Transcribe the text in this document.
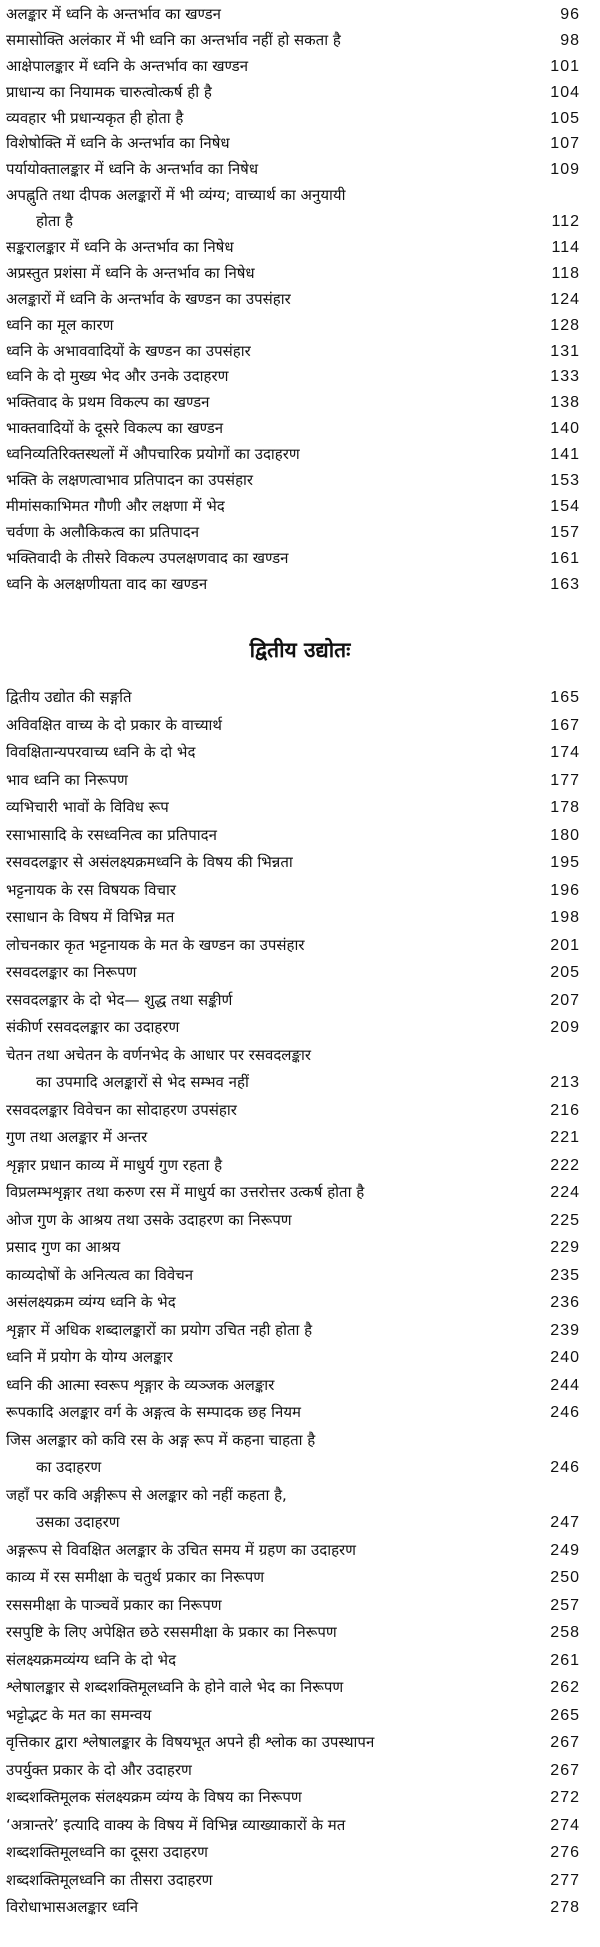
अलङ्कार में ध्वनि के अन्तर्भाव का खण्डन	96
समासोक्ति अलंकार में भी ध्वनि का अन्तर्भाव नहीं हो सकता है	98
आक्षेपालङ्कार में ध्वनि के अन्तर्भाव का खण्डन	101
प्राधान्य का नियामक चारुत्वोत्कर्ष ही है	104
व्यवहार भी प्रधान्यकृत ही होता है	105
विशेषोक्ति में ध्वनि के अन्तर्भाव का निषेध	107
पर्यायोक्तालङ्कार में ध्वनि के अन्तर्भाव का निषेध	109
अपह्नुति तथा दीपक अलङ्कारों में भी व्यंग्य; वाच्यार्थ का अनुयायी
होता है	112
सङ्करालङ्कार में ध्वनि के अन्तर्भाव का निषेध	114
अप्रस्तुत प्रशंसा में ध्वनि के अन्तर्भाव का निषेध	118
अलङ्कारों में ध्वनि के अन्तर्भाव के खण्डन का उपसंहार	124
ध्वनि का मूल कारण	128
ध्वनि के अभाववादियों के खण्डन का उपसंहार	131
ध्वनि के दो मुख्य भेद और उनके उदाहरण	133
भक्तिवाद के प्रथम विकल्प का खण्डन	138
भाक्तवादियों के दूसरे विकल्प का खण्डन	140
ध्वनिव्यतिरिक्तस्थलों में औपचारिक प्रयोगों का उदाहरण	141
भक्ति के लक्षणत्वाभाव प्रतिपादन का उपसंहार	153
मीमांसकाभिमत गौणी और लक्षणा में भेद	154
चर्वणा के अलौकिकत्व का प्रतिपादन	157
भक्तिवादी के तीसरे विकल्प उपलक्षणवाद का खण्डन	161
ध्वनि के अलक्षणीयता वाद का खण्डन	163
द्वितीय उद्योतः
द्वितीय उद्योत की सङ्गति	165
अविवक्षित वाच्य के दो प्रकार के वाच्यार्थ	167
विवक्षितान्यपरवाच्य ध्वनि के दो भेद	174
भाव ध्वनि का निरूपण	177
व्यभिचारी भावों के विविध रूप	178
रसाभासादि के रसध्वनित्व का प्रतिपादन	180
रसवदलङ्कार से असंलक्ष्यक्रमध्वनि के विषय की भिन्नता	195
भट्टनायक के रस विषयक विचार	196
रसाधान के विषय में विभिन्न मत	198
लोचनकार कृत भट्टनायक के मत के खण्डन का उपसंहार	201
रसवदलङ्कार का निरूपण	205
रसवदलङ्कार के दो भेद— शुद्ध तथा सङ्कीर्ण	207
संकीर्ण रसवदलङ्कार का उदाहरण	209
चेतन तथा अचेतन के वर्णनभेद के आधार पर रसवदलङ्कार
का उपमादि अलङ्कारों से भेद सम्भव नहीं	213
रसवदलङ्कार विवेचन का सोदाहरण उपसंहार	216
गुण तथा अलङ्कार में अन्तर	221
शृङ्गार प्रधान काव्य में माधुर्य गुण रहता है	222
विप्रलम्भशृङ्गार तथा करुण रस में माधुर्य का उत्तरोत्तर उत्कर्ष होता है	224
ओज गुण के आश्रय तथा उसके उदाहरण का निरूपण	225
प्रसाद गुण का आश्रय	229
काव्यदोषों के अनित्यत्व का विवेचन	235
असंलक्ष्यक्रम व्यंग्य ध्वनि के भेद	236
शृङ्गार में अधिक शब्दालङ्कारों का प्रयोग उचित नही होता है	239
ध्वनि में प्रयोग के योग्य अलङ्कार	240
ध्वनि की आत्मा स्वरूप शृङ्गार के व्यञ्जक अलङ्कार	244
रूपकादि अलङ्कार वर्ग के अङ्गत्व के सम्पादक छह नियम	246
जिस अलङ्कार को कवि रस के अङ्ग रूप में कहना चाहता है
का उदाहरण	246
जहाँ पर कवि अङ्गीरूप से अलङ्कार को नहीं कहता है,
उसका उदाहरण	247
अङ्गरूप से विवक्षित अलङ्कार के उचित समय में ग्रहण का उदाहरण	249
काव्य में रस समीक्षा के चतुर्थ प्रकार का निरूपण	250
रससमीक्षा के पाञ्चवें प्रकार का निरूपण	257
रसपुष्टि के लिए अपेक्षित छठे रससमीक्षा के प्रकार का निरूपण	258
संलक्ष्यक्रमव्यंग्य ध्वनि के दो भेद	261
श्लेषालङ्कार से शब्दशक्तिमूलध्वनि के होने वाले भेद का निरूपण	262
भट्टोद्भट के मत का समन्वय	265
वृत्तिकार द्वारा श्लेषालङ्कार के विषयभूत अपने ही श्लोक का उपस्थापन	267
उपर्युक्त प्रकार के दो और उदाहरण	267
शब्दशक्तिमूलक संलक्ष्यक्रम व्यंग्य के विषय का निरूपण	272
‘अत्रान्तरे’ इत्यादि वाक्य के विषय में विभिन्न व्याख्याकारों के मत	274
शब्दशक्तिमूलध्वनि का दूसरा उदाहरण	276
शब्दशक्तिमूलध्वनि का तीसरा उदाहरण	277
विरोधाभासअलङ्कार ध्वनि	278
